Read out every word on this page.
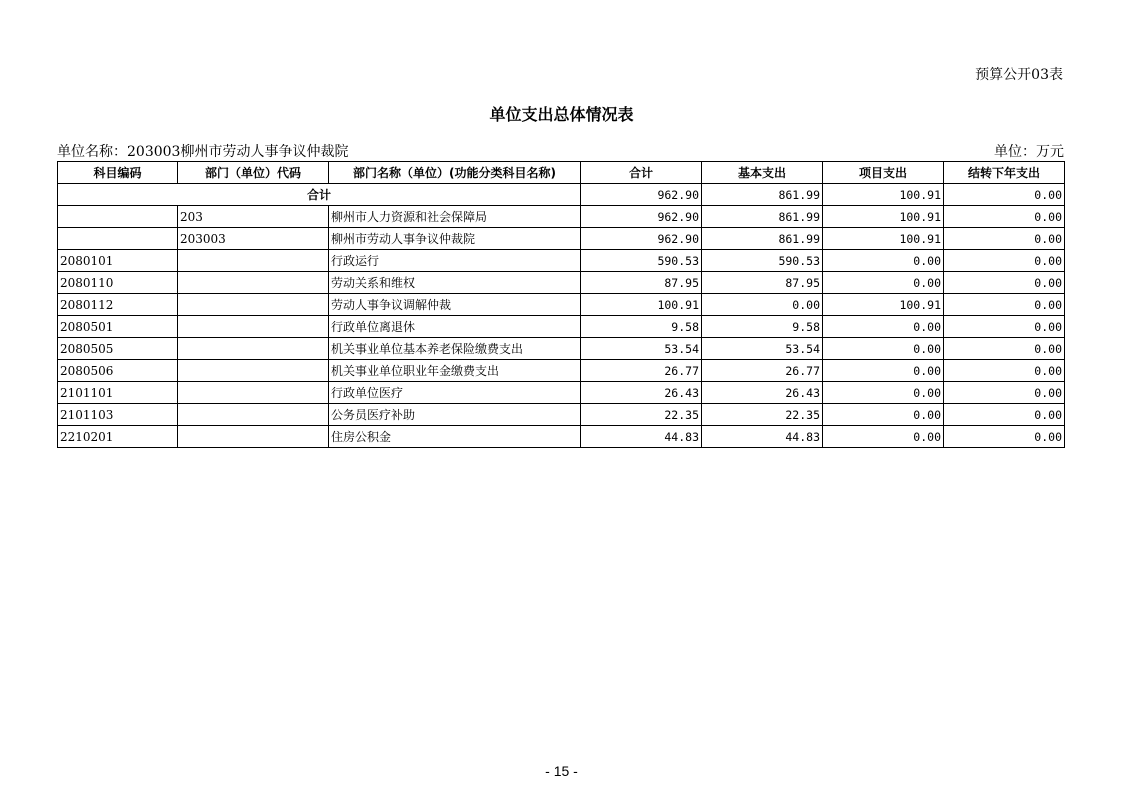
预算公开03表
单位支出总体情况表
单位名称：203003柳州市劳动人事争议仲裁院	单位：万元
科目编码	部门（单位）代码	部门名称（单位）(功能分类科目名称)	合计	基本支出	项目支出	结转下年支出
合计			962.90	861.99	100.91	0.00
	203	柳州市人力资源和社会保障局	962.90	861.99	100.91	0.00
	203003	柳州市劳动人事争议仲裁院	962.90	861.99	100.91	0.00
2080101		行政运行	590.53	590.53	0.00	0.00
2080110		劳动关系和维权	87.95	87.95	0.00	0.00
2080112		劳动人事争议调解仲裁	100.91	0.00	100.91	0.00
2080501		行政单位离退休	9.58	9.58	0.00	0.00
2080505		机关事业单位基本养老保险缴费支出	53.54	53.54	0.00	0.00
2080506		机关事业单位职业年金缴费支出	26.77	26.77	0.00	0.00
2101101		行政单位医疗	26.43	26.43	0.00	0.00
2101103		公务员医疗补助	22.35	22.35	0.00	0.00
2210201		住房公积金	44.83	44.83	0.00	0.00
- 15 -
